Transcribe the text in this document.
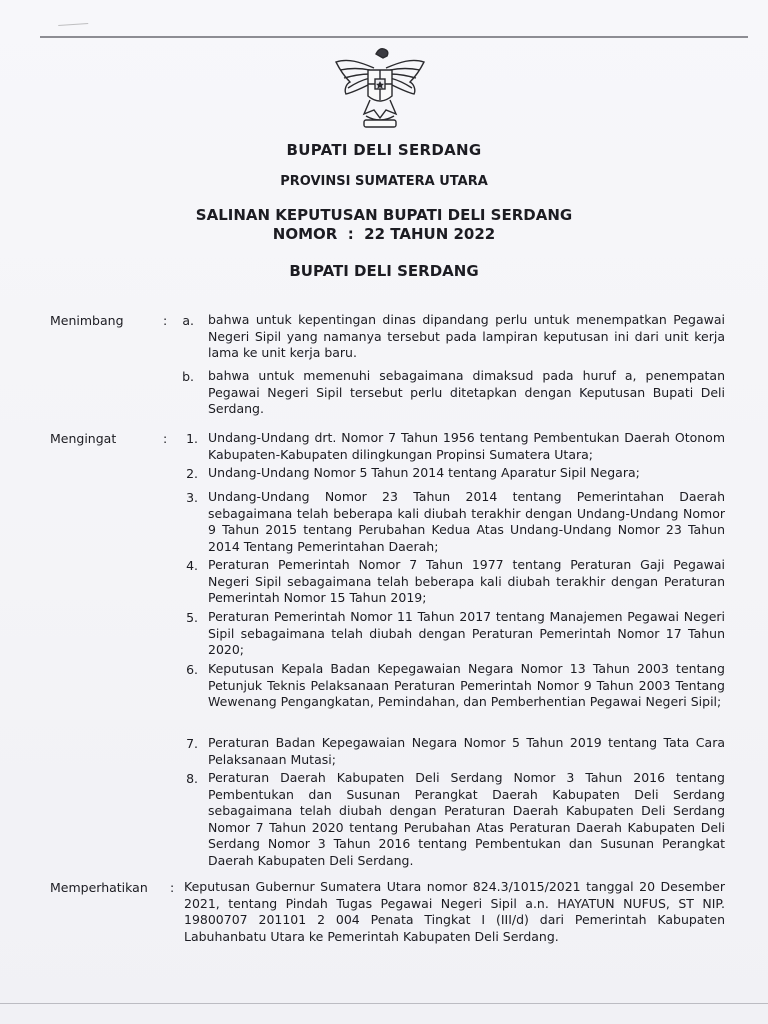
BUPATI DELI SERDANG
PROVINSI SUMATERA UTARA
SALINAN KEPUTUSAN BUPATI DELI SERDANG
NOMOR  :  22 TAHUN 2022
BUPATI DELI SERDANG
Menimbang	:	a. bahwa untuk kepentingan dinas dipandang perlu untuk menempatkan Pegawai Negeri Sipil yang namanya tersebut pada lampiran keputusan ini dari unit kerja lama ke unit kerja baru.

b. bahwa untuk memenuhi sebagaimana dimaksud pada huruf a, penempatan Pegawai Negeri Sipil tersebut perlu ditetapkan dengan Keputusan Bupati Deli Serdang.

Mengingat	:	1. Undang-Undang drt. Nomor 7 Tahun 1956 tentang Pembentukan Daerah Otonom Kabupaten-Kabupaten dilingkungan Propinsi Sumatera Utara;

2. Undang-Undang Nomor 5 Tahun 2014 tentang Aparatur Sipil Negara;

3. Undang-Undang Nomor 23 Tahun 2014 tentang Pemerintahan Daerah sebagaimana telah beberapa kali diubah terakhir dengan Undang-Undang Nomor 9 Tahun 2015 tentang Perubahan Kedua Atas Undang-Undang Nomor 23 Tahun 2014 Tentang Pemerintahan Daerah;

4. Peraturan Pemerintah Nomor 7 Tahun 1977 tentang Peraturan Gaji Pegawai Negeri Sipil sebagaimana telah beberapa kali diubah terakhir dengan Peraturan Pemerintah Nomor 15 Tahun 2019;

5. Peraturan Pemerintah Nomor 11 Tahun 2017 tentang Manajemen Pegawai Negeri Sipil sebagaimana telah diubah dengan Peraturan Pemerintah Nomor 17 Tahun 2020;

6. Keputusan Kepala Badan Kepegawaian Negara Nomor 13 Tahun 2003 tentang Petunjuk Teknis Pelaksanaan Peraturan Pemerintah Nomor 9 Tahun 2003 Tentang Wewenang Pengangkatan, Pemindahan, dan Pemberhentian Pegawai Negeri Sipil;

7. Peraturan Badan Kepegawaian Negara Nomor 5 Tahun 2019 tentang Tata Cara Pelaksanaan Mutasi;

8. Peraturan Daerah Kabupaten Deli Serdang Nomor 3 Tahun 2016 tentang Pembentukan dan Susunan Perangkat Daerah Kabupaten Deli Serdang sebagaimana telah diubah dengan Peraturan Daerah Kabupaten Deli Serdang Nomor 7 Tahun 2020 tentang Perubahan Atas Peraturan Daerah Kabupaten Deli Serdang Nomor 3 Tahun 2016 tentang Pembentukan dan Susunan Perangkat Daerah Kabupaten Deli Serdang.

Memperhatikan : Keputusan Gubernur Sumatera Utara nomor 824.3/1015/2021 tanggal 20 Desember 2021, tentang Pindah Tugas Pegawai Negeri Sipil a.n. HAYATUN NUFUS, ST NIP. 19800707 201101 2 004 Penata Tingkat I (III/d) dari Pemerintah Kabupaten Labuhanbatu Utara ke Pemerintah Kabupaten Deli Serdang.
